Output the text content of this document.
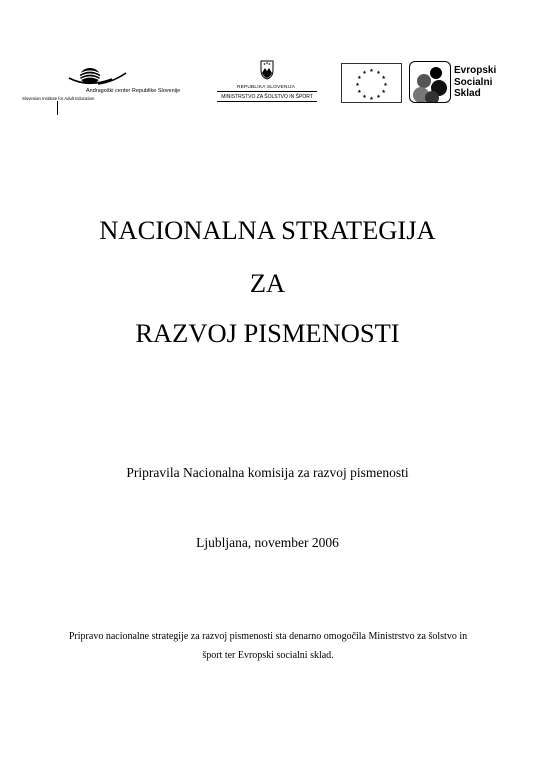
Andragoški center Republike Slovenije
Slovenian Institute for Adult Education
REPUBLIKA SLOVENIJA
MINISTRSTVO ZA ŠOLSTVO IN ŠPORT
★ ★
★
★
★
★
★
★
★
★
★
★	Evropski
Socialni
Sklad
NACIONALNA STRATEGIJA
ZA
RAZVOJ PISMENOSTI
Pripravila Nacionalna komisija za razvoj pismenosti
Ljubljana, november 2006
Pripravo nacionalne strategije za razvoj pismenosti sta denarno omogočila Ministrstvo za šolstvo in
šport ter Evropski socialni sklad.
